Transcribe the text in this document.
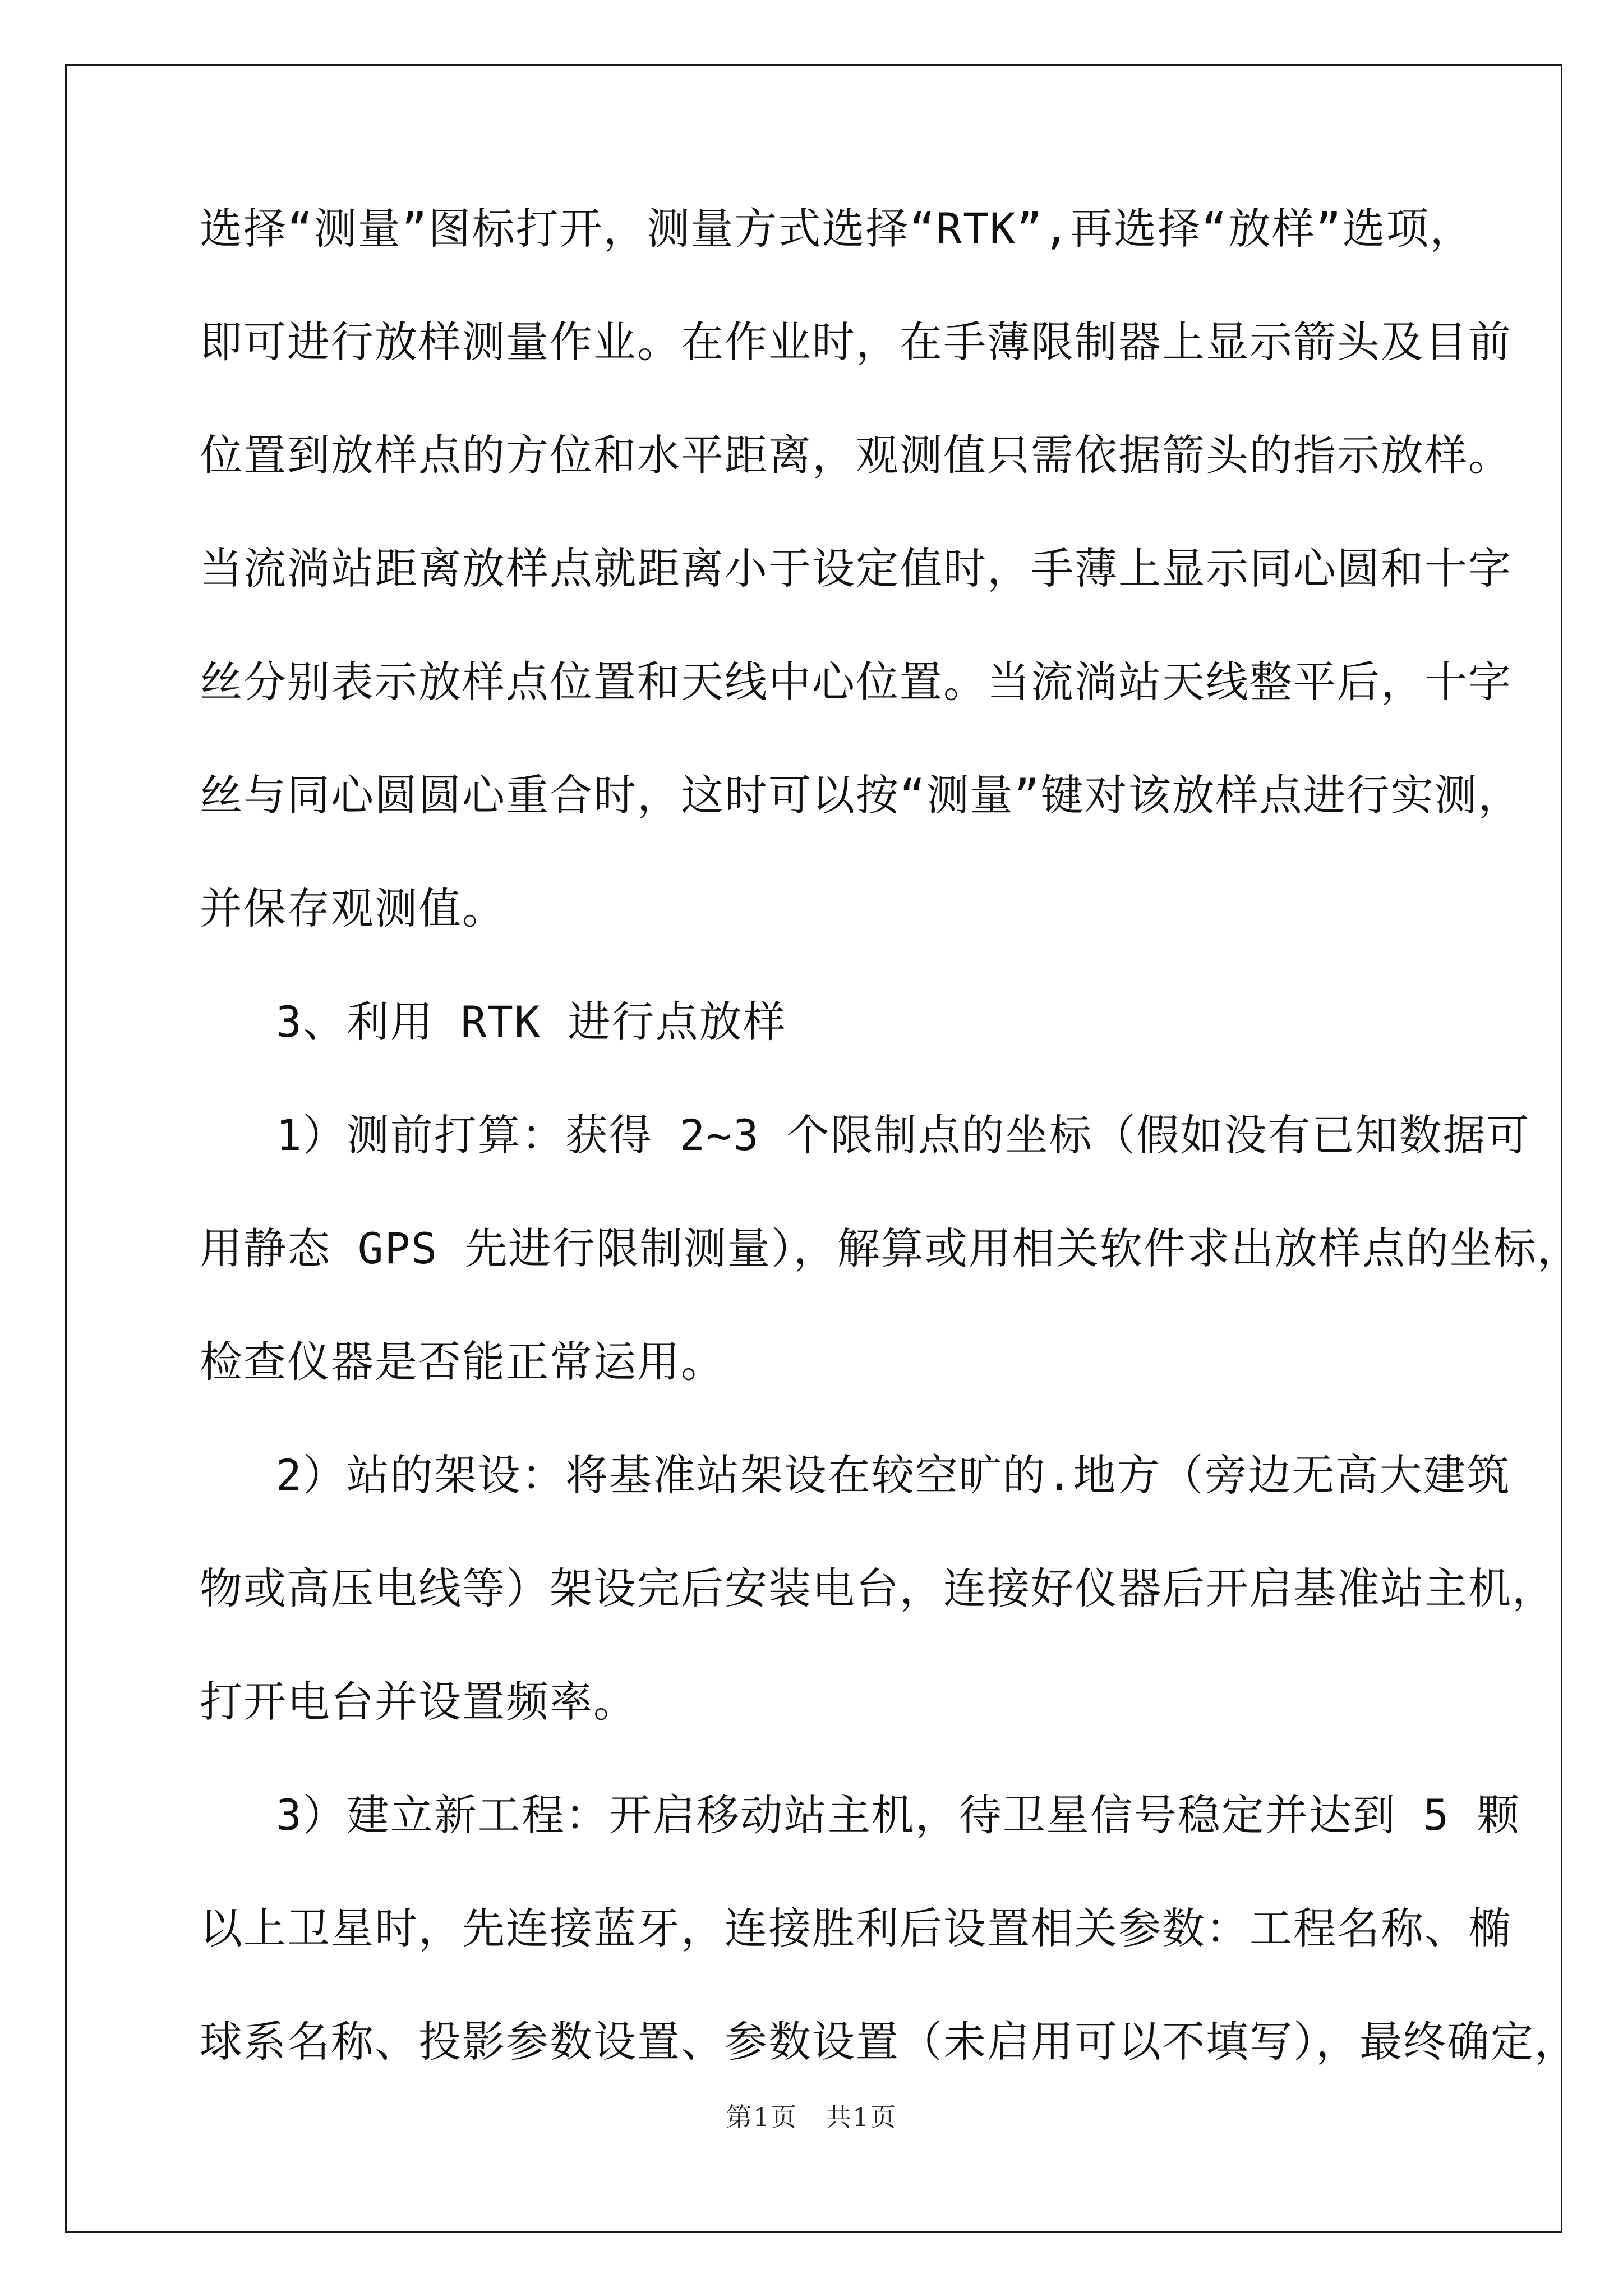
选择“测量”图标打开，测量方式选择“RTK”,再选择“放样”选项，
即可进行放样测量作业。在作业时，在手薄限制器上显示箭头及目前
位置到放样点的方位和水平距离，观测值只需依据箭头的指示放样。
当流淌站距离放样点就距离小于设定值时，手薄上显示同心圆和十字
丝分别表示放样点位置和天线中心位置。当流淌站天线整平后，十字
丝与同心圆圆心重合时，这时可以按“测量”键对该放样点进行实测，
并保存观测值。
3、利用 RTK 进行点放样
1）测前打算：获得 2~3 个限制点的坐标（假如没有已知数据可
用静态 GPS 先进行限制测量），解算或用相关软件求出放样点的坐标，
检查仪器是否能正常运用。
2）站的架设：将基准站架设在较空旷的.地方（旁边无高大建筑
物或高压电线等）架设完后安装电台，连接好仪器后开启基准站主机，
打开电台并设置频率。
3）建立新工程：开启移动站主机，待卫星信号稳定并达到 5 颗
以上卫星时，先连接蓝牙，连接胜利后设置相关参数：工程名称、椭
球系名称、投影参数设置、参数设置（未启用可以不填写），最终确定，
第1页 共1页
